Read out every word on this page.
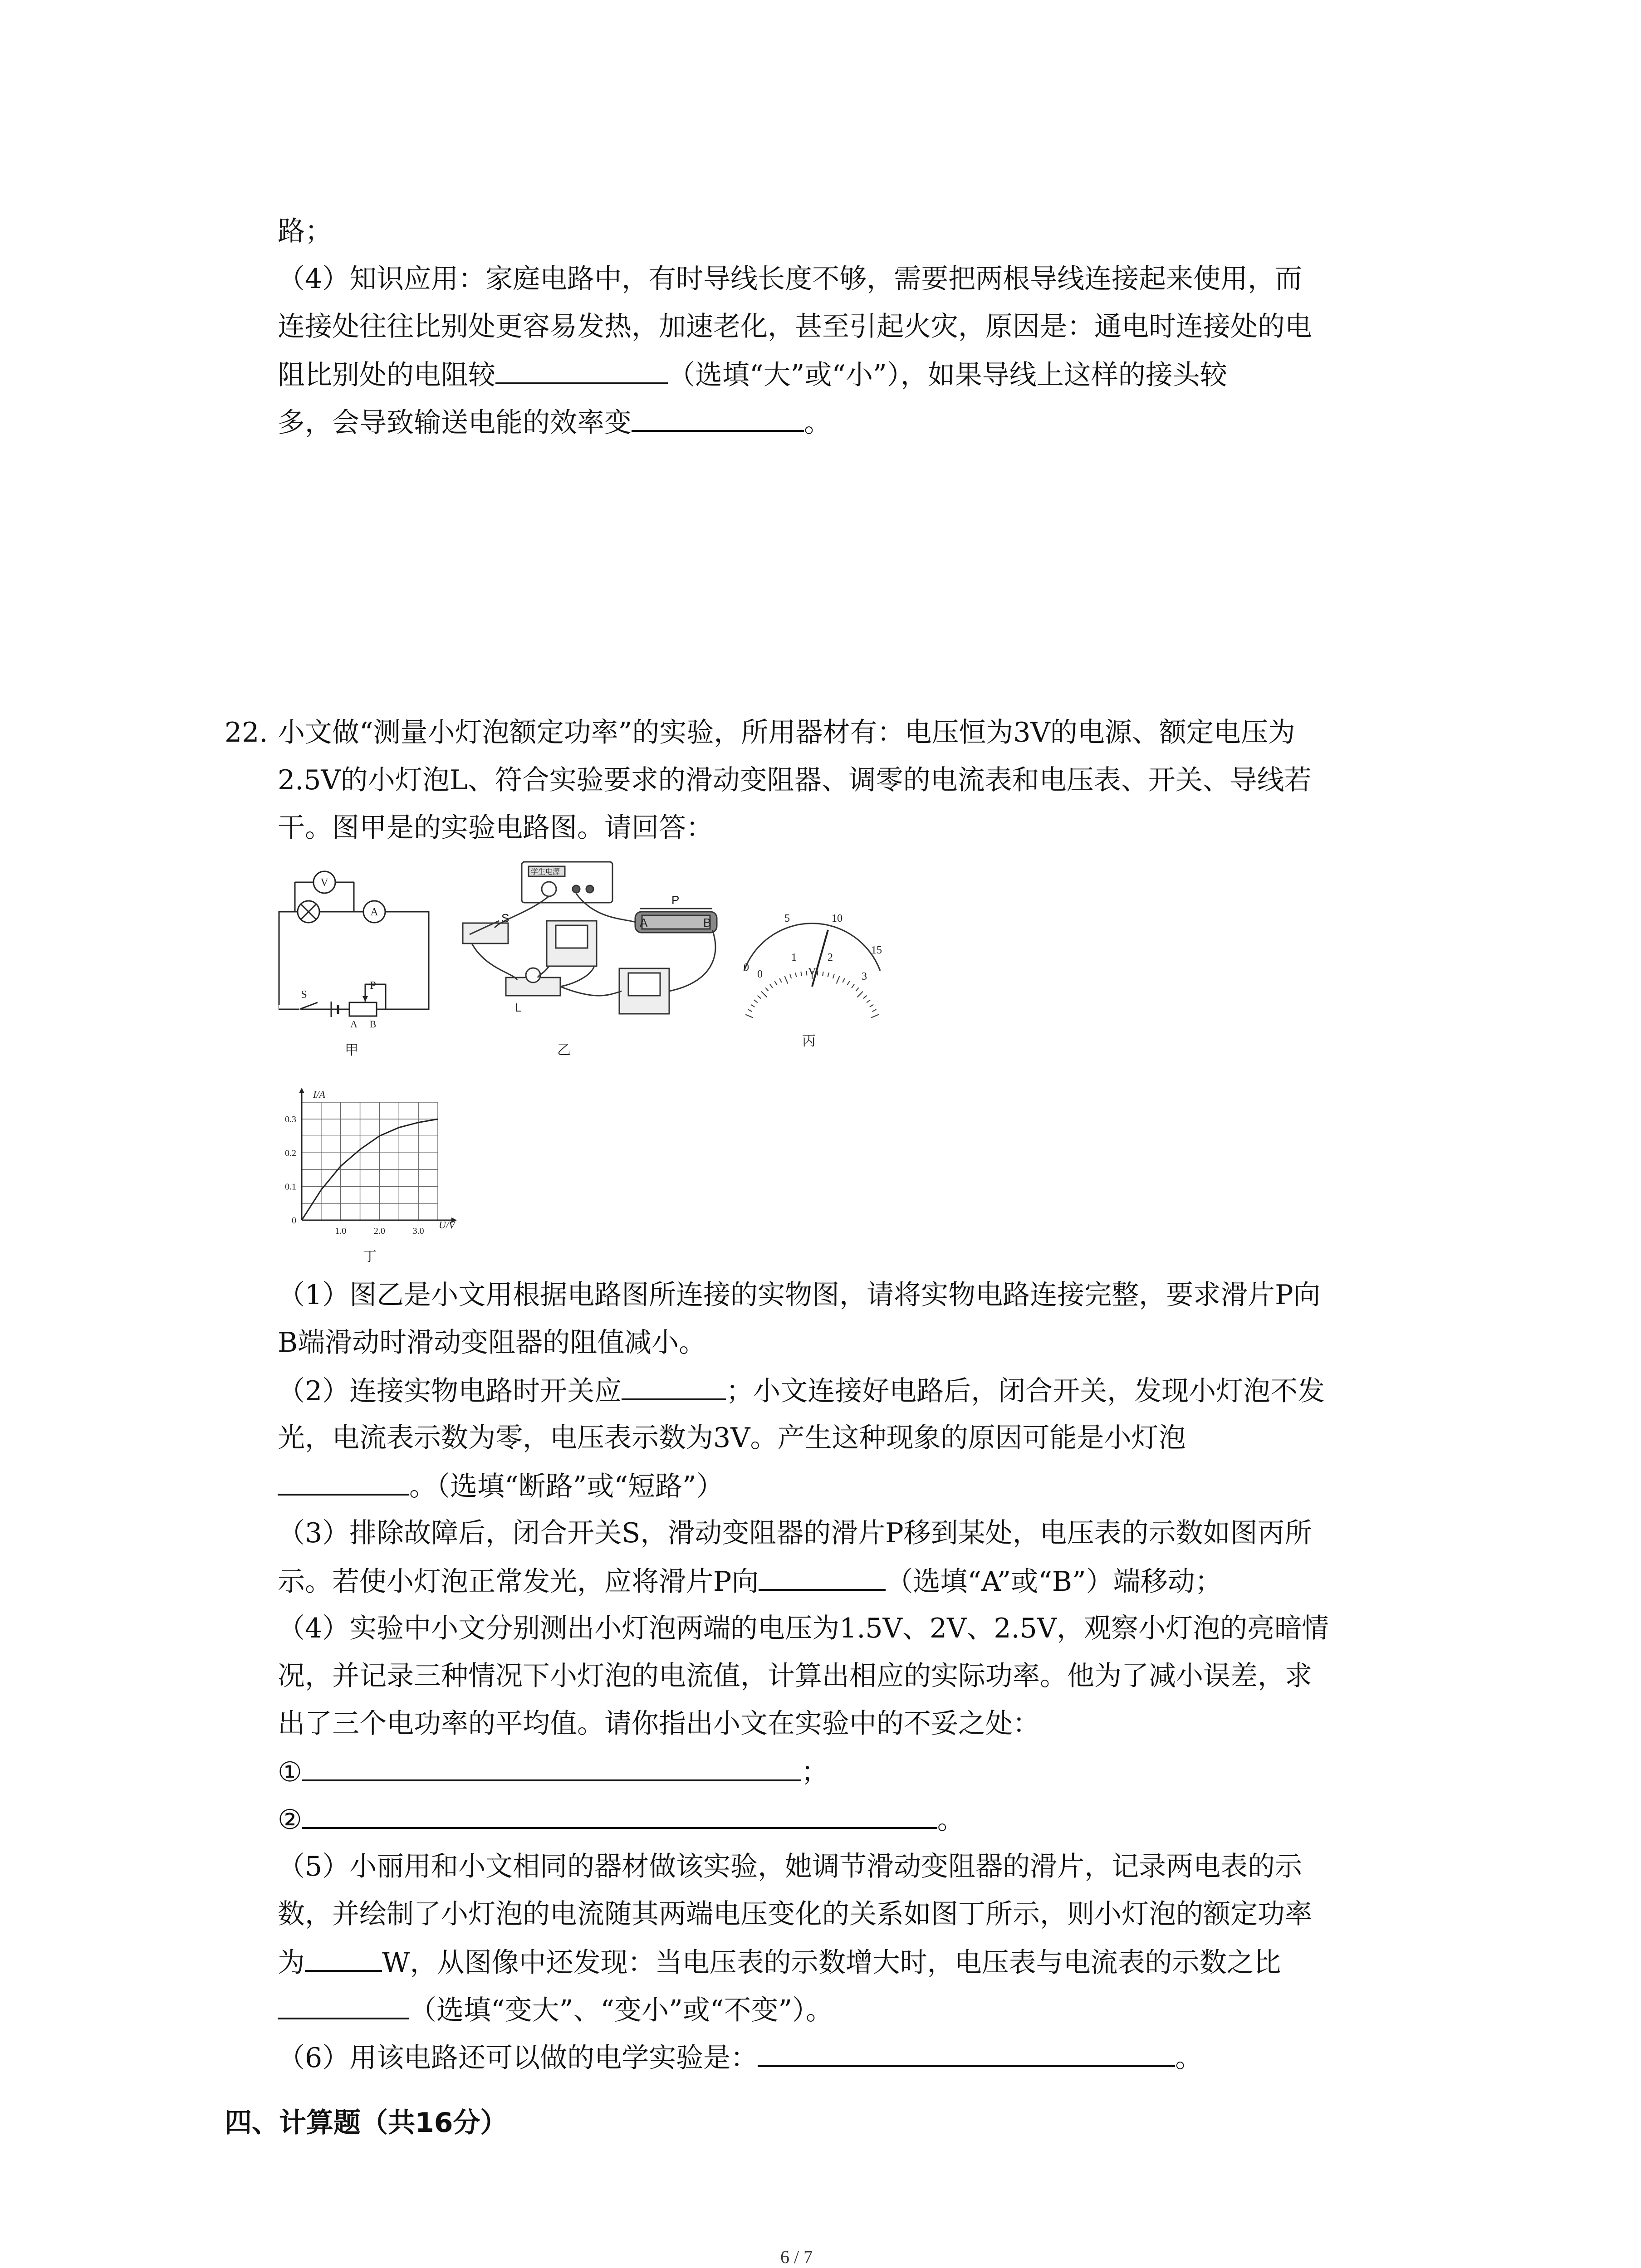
路；
（4）知识应用：家庭电路中，有时导线长度不够，需要把两根导线连接起来使用，而
连接处往往比别处更容易发热，加速老化，甚至引起火灾，原因是：通电时连接处的电
阻比别处的电阻较	（选填“大”或“小”），如果导线上这样的接头较
多，会导致输送电能的效率变	。
22. 小文做“测量小灯泡额定功率”的实验，所用器材有：电压恒为3V的电源、额定电压为
2.5V的小灯泡L、符合实验要求的滑动变阻器、调零的电流表和电压表、开关、导线若
干。图甲是的实验电路图。请回答：
V
A
S
P
A B
甲
学生电源
S
P
A	B
L
乙
0
5	10
15
0
1	2
3
V
丙
1.0	2.0	3.0
0
0.1
0.2
0.3
I/A
U/V
丁
（1）图乙是小文用根据电路图所连接的实物图，请将实物电路连接完整，要求滑片P向
B端滑动时滑动变阻器的阻值减小。
（2）连接实物电路时开关应	；小文连接好电路后，闭合开关，发现小灯泡不发
光，电流表示数为零，电压表示数为3V。产生这种现象的原因可能是小灯泡
。（选填“断路”或“短路”）
（3）排除故障后，闭合开关S，滑动变阻器的滑片P移到某处，电压表的示数如图丙所
示。若使小灯泡正常发光，应将滑片P向	（选填“A”或“B”）端移动；
（4）实验中小文分别测出小灯泡两端的电压为1.5V、2V、2.5V，观察小灯泡的亮暗情
况，并记录三种情况下小灯泡的电流值，计算出相应的实际功率。他为了减小误差，求
出了三个电功率的平均值。请你指出小文在实验中的不妥之处：
①	；
②	。
（5）小丽用和小文相同的器材做该实验，她调节滑动变阻器的滑片，记录两电表的示
数，并绘制了小灯泡的电流随其两端电压变化的关系如图丁所示，则小灯泡的额定功率
为	W，从图像中还发现：当电压表的示数增大时，电压表与电流表的示数之比
（选填“变大”、“变小”或“不变”）。
（6）用该电路还可以做的电学实验是：	。
四、计算题（共16分）
6 / 7
